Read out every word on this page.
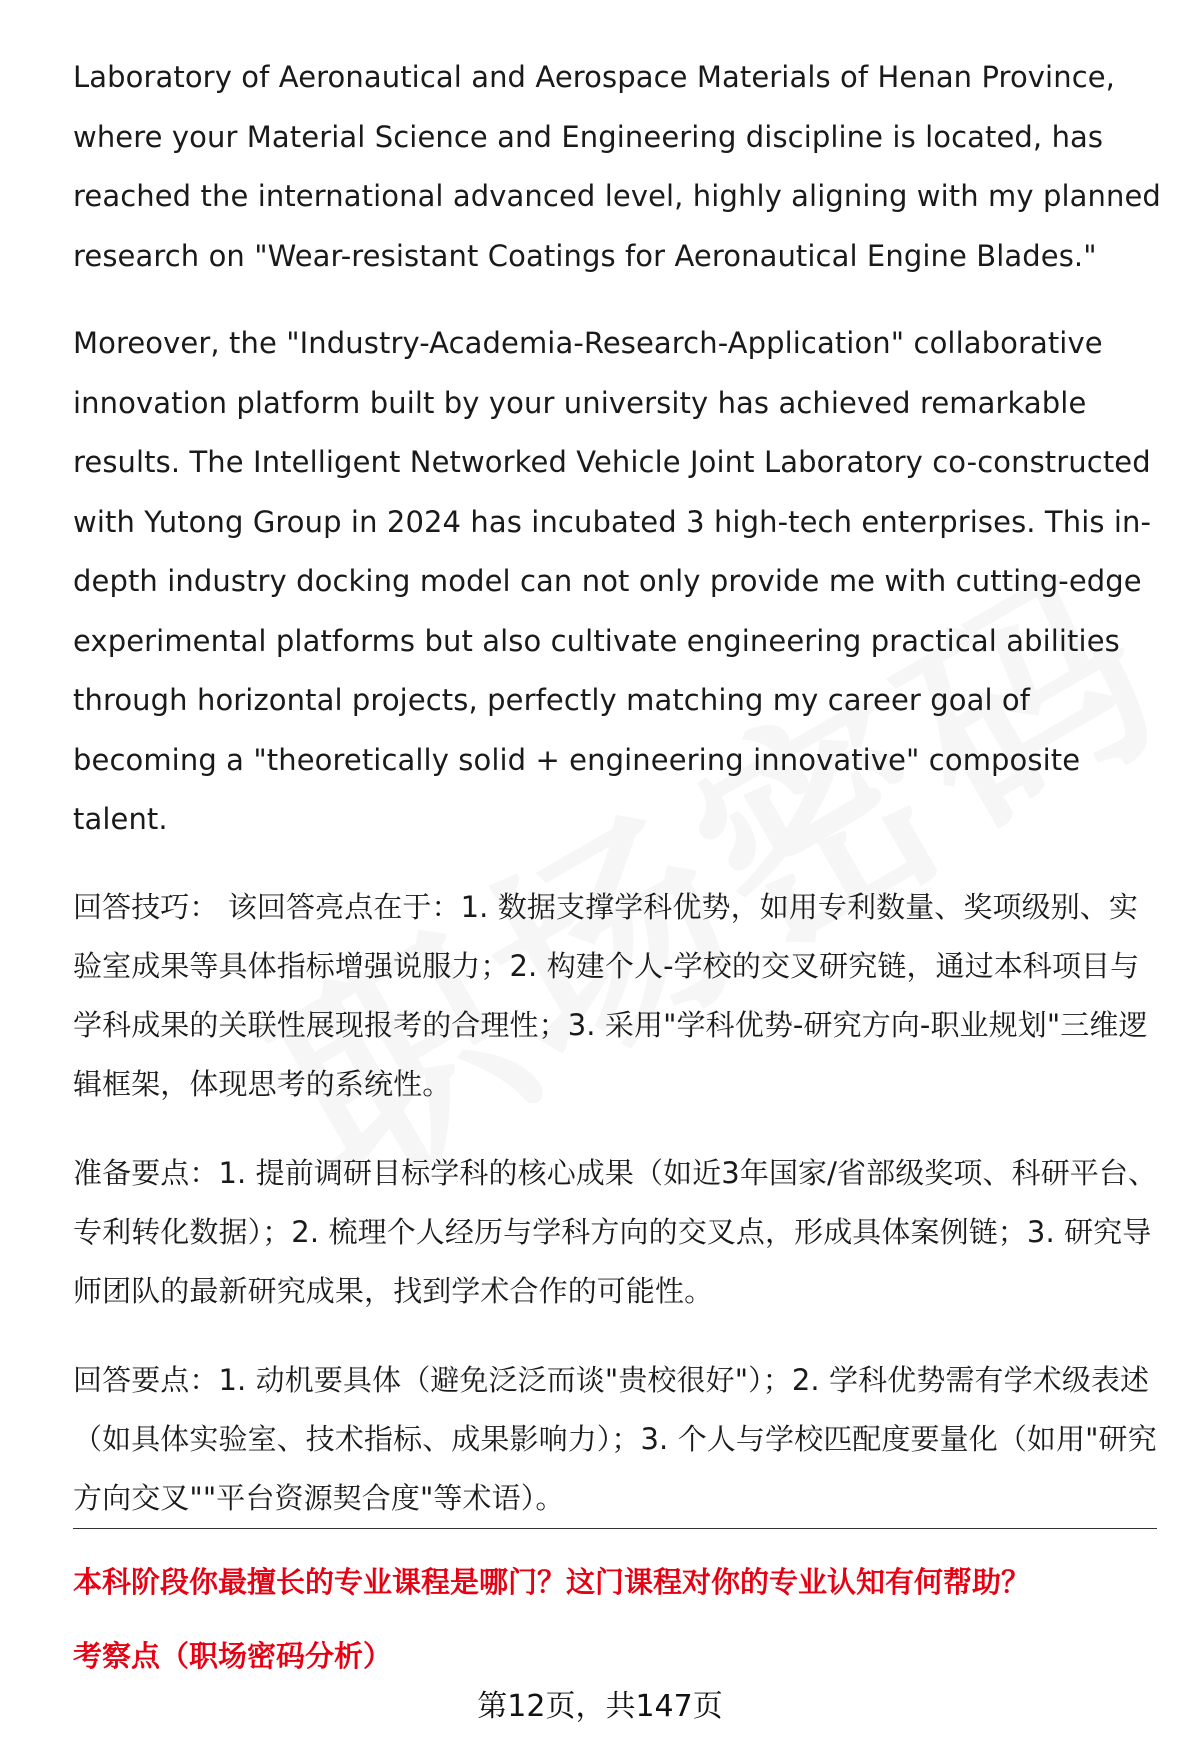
Laboratory of Aeronautical and Aerospace Materials of Henan Province, where your Material Science and Engineering discipline is located, has reached the international advanced level, highly aligning with my planned research on "Wear-resistant Coatings for Aeronautical Engine Blades."

Moreover, the "Industry-Academia-Research-Application" collaborative innovation platform built by your university has achieved remarkable results. The Intelligent Networked Vehicle Joint Laboratory co-constructed with Yutong Group in 2024 has incubated 3 high-tech enterprises. This in-depth industry docking model can not only provide me with cutting-edge experimental platforms but also cultivate engineering practical abilities through horizontal projects, perfectly matching my career goal of becoming a "theoretically solid + engineering innovative" composite talent.

回答技巧： 该回答亮点在于：1. 数据支撑学科优势，如用专利数量、奖项级别、实验室成果等具体指标增强说服力；2. 构建个人-学校的交叉研究链，通过本科项目与学科成果的关联性展现报考的合理性；3. 采用"学科优势-研究方向-职业规划"三维逻辑框架，体现思考的系统性。

准备要点：1. 提前调研目标学科的核心成果（如近3年国家/省部级奖项、科研平台、专利转化数据）；2. 梳理个人经历与学科方向的交叉点，形成具体案例链；3. 研究导师团队的最新研究成果，找到学术合作的可能性。

回答要点：1. 动机要具体（避免泛泛而谈"贵校很好"）；2. 学科优势需有学术级表述（如具体实验室、技术指标、成果影响力）；3. 个人与学校匹配度要量化（如用"研究方向交叉""平台资源契合度"等术语）。

本科阶段你最擅长的专业课程是哪门？这门课程对你的专业认知有何帮助？
考察点（职场密码分析）
第12页，共147页
